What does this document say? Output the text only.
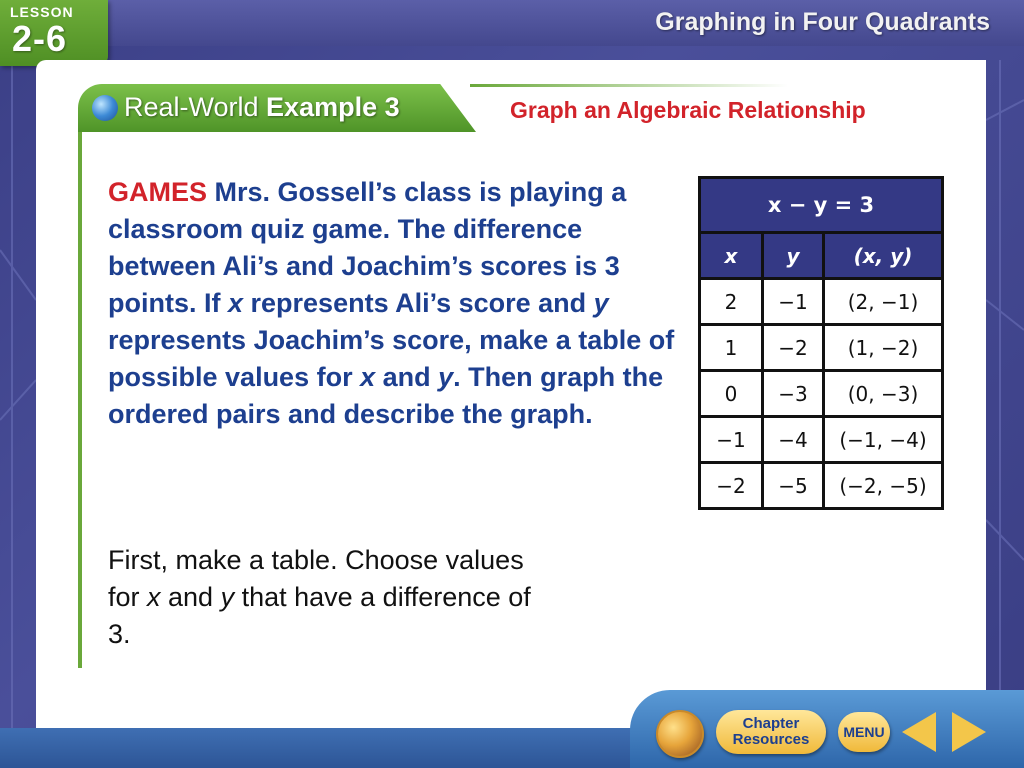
LESSON
2-6	Graphing in Four Quadrants
Real-World Example 3	Graph an Algebraic Relationship
GAMES Mrs. Gossell’s class is playing a classroom quiz game. The difference between Ali’s and Joachim’s scores is 3 points. If x represents Ali’s score and y represents Joachim’s score, make a table of possible values for x and y. Then graph the ordered pairs and describe the graph.
First, make a table. Choose values for x and y that have a difference of 3.
x − y = 3		
x	y	(x, y)
2	−1	(2, −1)
1	−2	(1, −2)
0	−3	(0, −3)
−1	−4	(−1, −4)
−2	−5	(−2, −5)
Chapter
Resources	MENU
